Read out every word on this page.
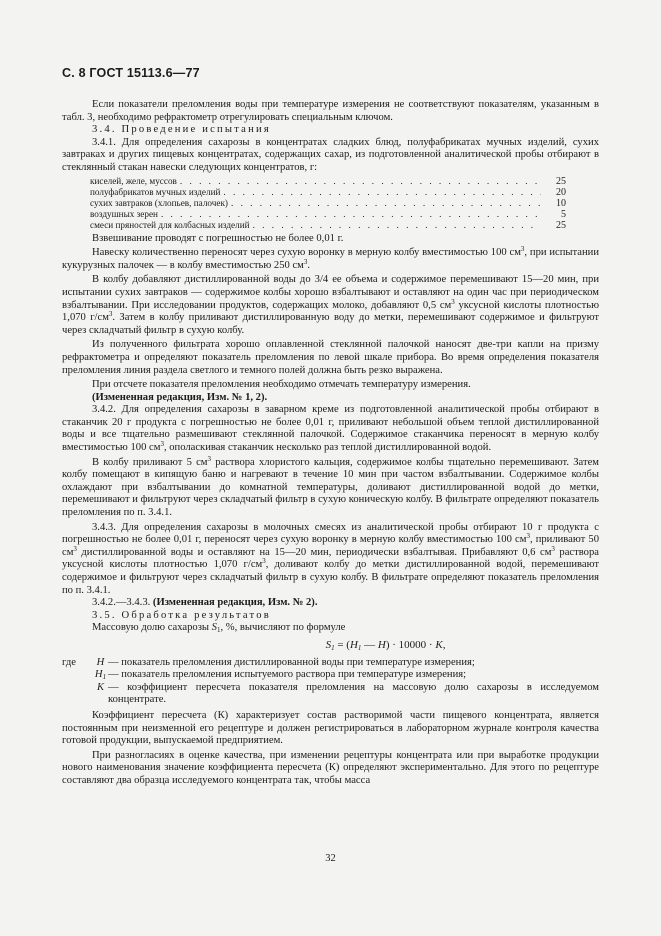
С. 8 ГОСТ 15113.6—77

Если показатели преломления воды при температуре измерения не соответствуют показателям, указанным в табл. 3, необходимо рефрактометр отрегулировать специальным ключом.

3.4. Проведение испытания

3.4.1. Для определения сахарозы в концентратах сладких блюд, полуфабрикатах мучных изделий, сухих завтраках и других пищевых концентратах, содержащих сахар, из подготовленной аналитической пробы отбирают в стеклянный стакан навески следующих концентратов, г:

киселей, желе, муссов . . .	25
полуфабрикатов мучных изделий . . .	20
сухих завтраков (хлопьев, палочек) . . .	10
воздушных зерен . . .	5
смеси пряностей для колбасных изделий . . .	25

Взвешивание проводят с погрешностью не более 0,01 г.

Навеску количественно переносят через сухую воронку в мерную колбу вместимостью 100 $см^3$, при испытании кукурузных палочек — в колбу вместимостью 250 $см^3$.

В колбу добавляют дистиллированной воды до 3/4 ее объема и содержимое перемешивают 15—20 мин, при испытании сухих завтраков — содержимое колбы хорошо взбалтывают и оставляют на один час при периодическом взбалтывании. При исследовании продуктов, содержащих молоко, добавляют 0,5 $см^3$ уксусной кислоты плотностью 1,070 $г/см^3$. Затем в колбу приливают дистиллированную воду до метки, перемешивают содержимое и фильтруют через складчатый фильтр в сухую колбу.

Из полученного фильтрата хорошо оплавленной стеклянной палочкой наносят две-три капли на призму рефрактометра и определяют показатель преломления по левой шкале прибора. Во время определения показателя преломления линия раздела светлого и темного полей должна быть резко выражена.

При отсчете показателя преломления необходимо отмечать температуру измерения.

(Измененная редакция, Изм. № 1, 2).

3.4.2. Для определения сахарозы в заварном креме из подготовленной аналитической пробы отбирают в стаканчик 20 г продукта с погрешностью не более 0,01 г, приливают небольшой объем теплой дистиллированной воды и все тщательно размешивают стеклянной палочкой. Содержимое стаканчика переносят в мерную колбу вместимостью 100 $см^3$, ополаскивая стаканчик несколько раз теплой дистиллированной водой.

В колбу приливают 5 $см^3$ раствора хлористого кальция, содержимое колбы тщательно перемешивают. Затем колбу помещают в кипящую баню и нагревают в течение 10 мин при частом взбалтывании. Содержимое колбы охлаждают при взбалтывании до комнатной температуры, доливают дистиллированной водой до метки, перемешивают и фильтруют через складчатый фильтр в сухую коническую колбу. В фильтрате определяют показатель преломления по п. 3.4.1.

3.4.3. Для определения сахарозы в молочных смесях из аналитической пробы отбирают 10 г продукта с погрешностью не более 0,01 г, переносят через сухую воронку в мерную колбу вместимостью 100 $см^3$, приливают 50 $см^3$ дистиллированной воды и оставляют на 15—20 мин, периодически взбалтывая. Прибавляют 0,6 $см^3$ раствора уксусной кислоты плотностью 1,070 $г/см^3$, доливают колбу до метки дистиллированной водой, перемешивают содержимое и фильтруют через складчатый фильтр в сухую колбу. В фильтрате определяют показатель преломления по п. 3.4.1.

3.4.2.—3.4.3. (Измененная редакция, Изм. № 2).

3.5. Обработка результатов

Массовую долю сахарозы $S_1$, %, вычисляют по формуле

$S_1 = (H_1$ — H) · 10000 · K,
где	H — показатель преломления дистиллированной воды при температуре измерения;
$H_1$ — показатель преломления испытуемого раствора при температуре измерения;
K — коэффициент пересчета показателя преломления на массовую долю сахарозы в исследуемом концентрате.

Коэффициент пересчета (К) характеризует состав растворимой части пищевого концентрата, является постоянным при неизменной его рецептуре и должен регистрироваться в лабораторном журнале контроля качества готовой продукции, выпускаемой предприятием.

При разногласиях в оценке качества, при изменении рецептуры концентрата или при выработке продукции нового наименования значение коэффициента пересчета (К) определяют экспериментально. Для этого по рецептуре составляют два образца исследуемого концентрата так, чтобы масса

32
